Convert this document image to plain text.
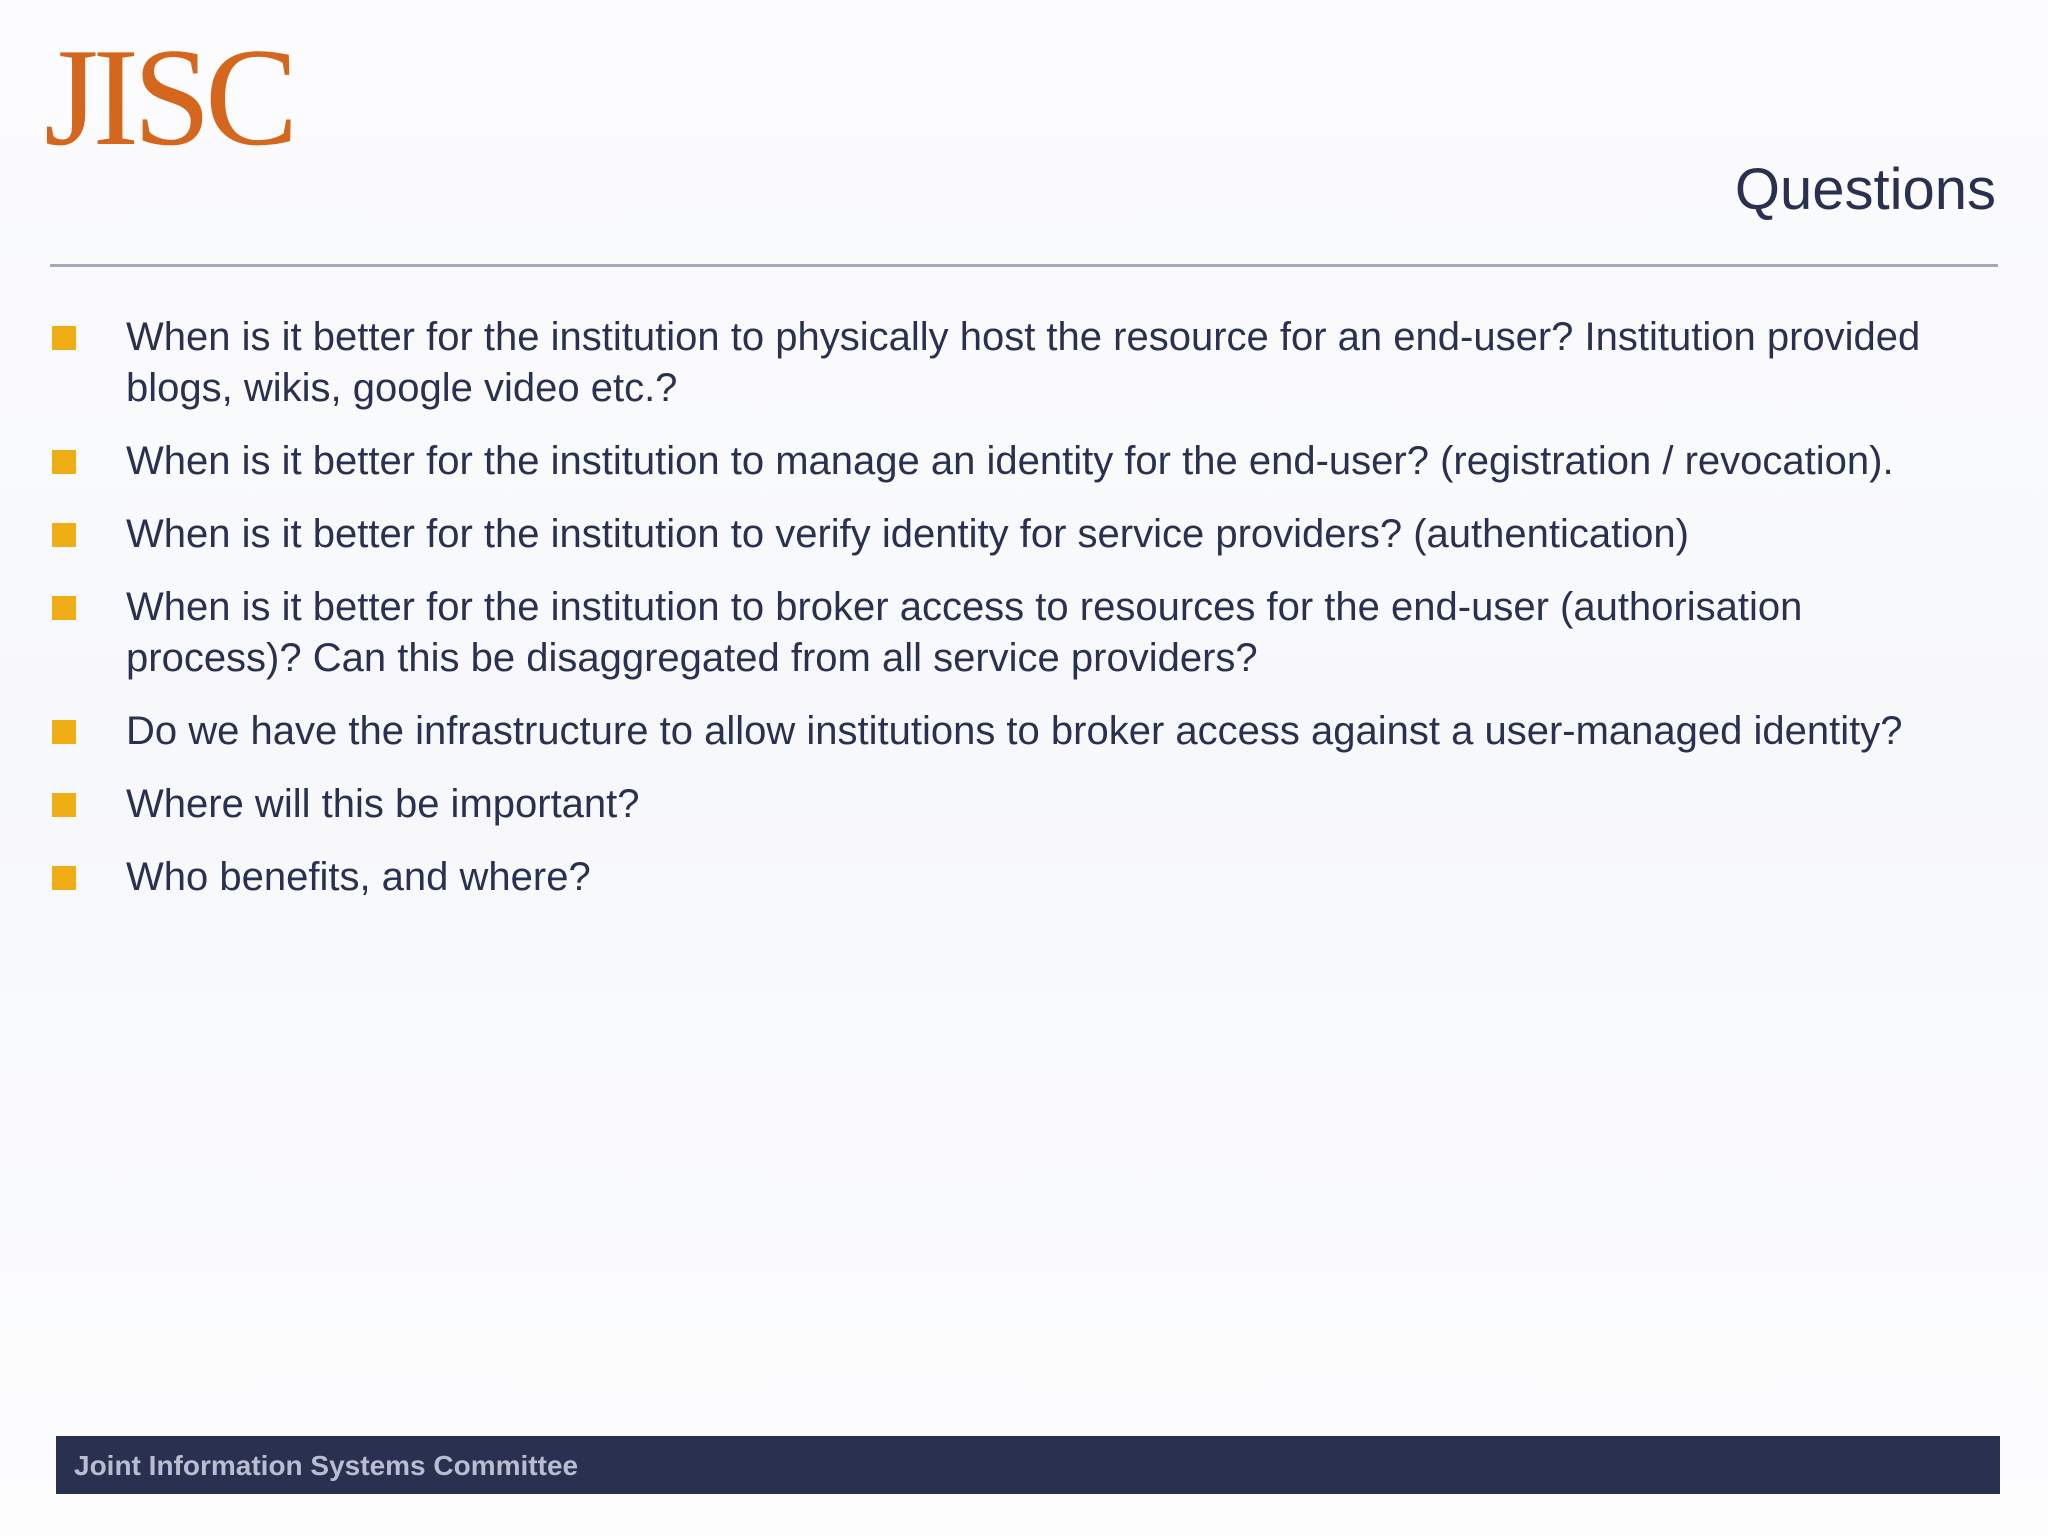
JISC
Questions
When is it better for the institution to physically host the resource for an end-user? Institution provided blogs, wikis, google video etc.?
When is it better for the institution to manage an identity for the end-user? (registration / revocation).
When is it better for the institution to verify identity for service providers? (authentication)
When is it better for the institution to broker access to resources for the end-user (authorisation process)? Can this be disaggregated from all service providers?
Do we have the infrastructure to allow institutions to broker access against a user-managed identity?
Where will this be important?
Who benefits, and where?
Joint Information Systems Committee
